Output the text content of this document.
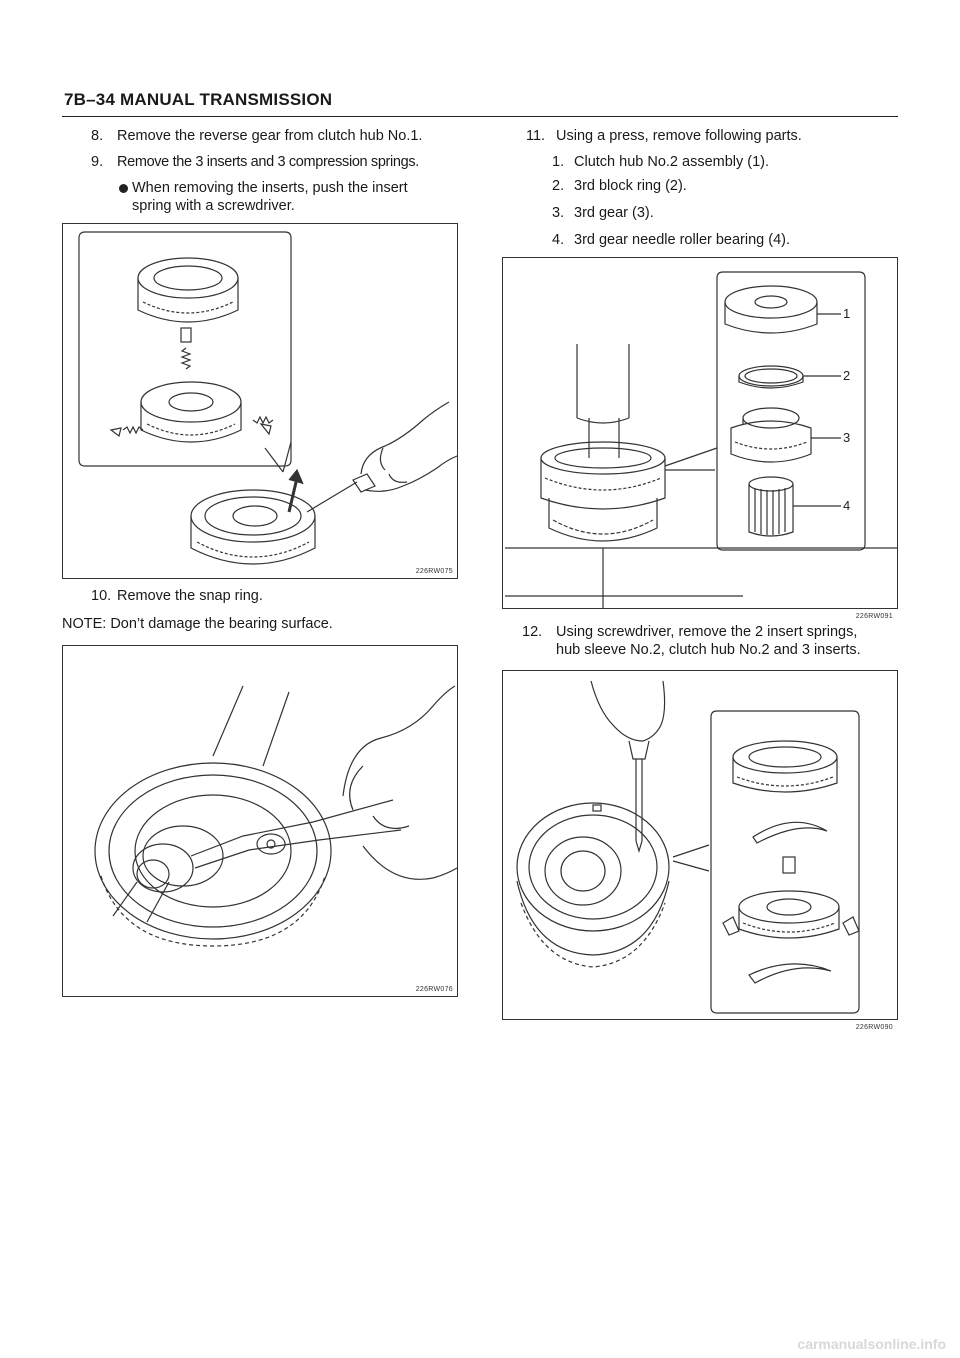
7B–34 MANUAL TRANSMISSION
8. Remove the reverse gear from clutch hub No.1.
9. Remove the 3 inserts and 3 compression springs.
When removing the inserts, push the insert
spring with a screwdriver.
226RW075
10. Remove the snap ring.
NOTE: Don’t damage the bearing surface.
226RW076
11. Using a press, remove following parts.
1. Clutch hub No.2 assembly (1).
2. 3rd block ring (2).
3. 3rd gear (3).
4. 3rd gear needle roller bearing (4).
1
2
3
4
226RW091
12. Using screwdriver, remove the 2 insert springs,
hub sleeve No.2, clutch hub No.2 and 3 inserts.
226RW090
carmanualsonline.info
